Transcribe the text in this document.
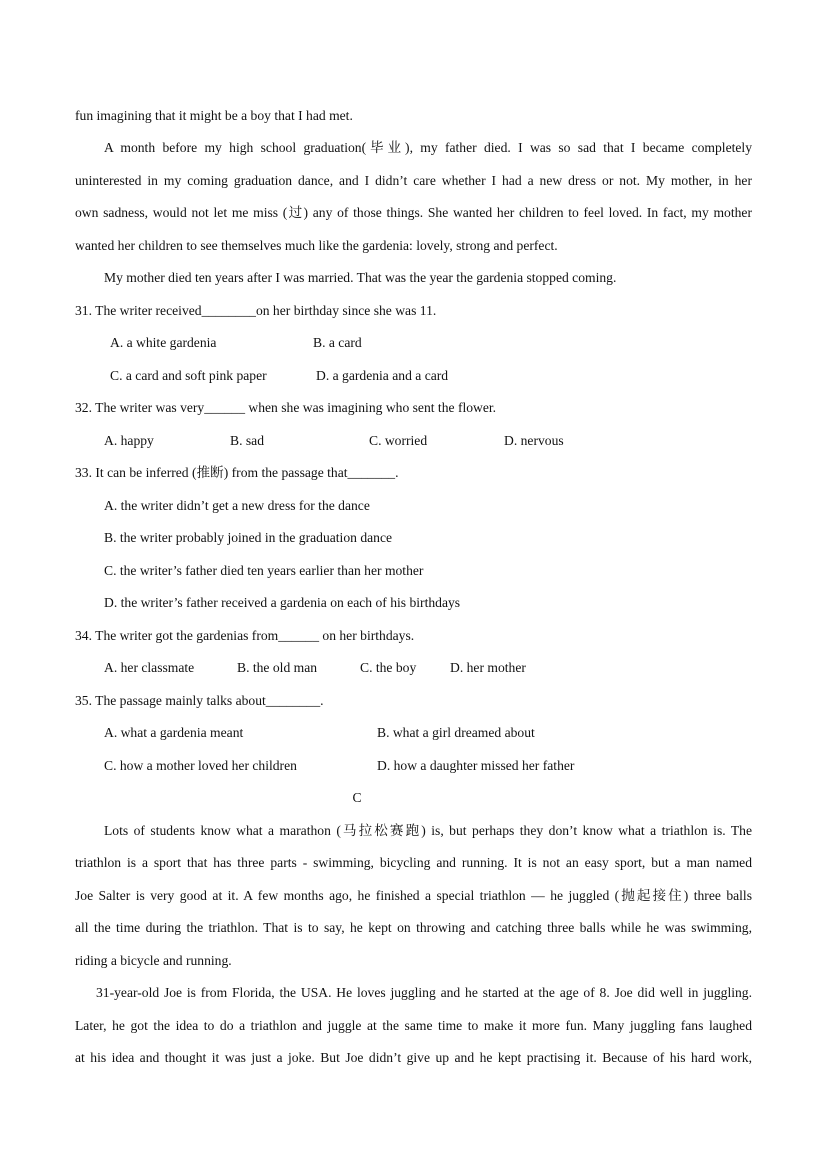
fun imagining that it might be a boy that I had met.
A month before my high school graduation(毕业), my father died. I was so sad that I became completely
uninterested in my coming graduation dance, and I didn’t care whether I had a new dress or not. My mother, in her
own sadness, would not let me miss (过) any of those things. She wanted her children to feel loved. In fact, my mother
wanted her children to see themselves much like the gardenia: lovely, strong and perfect.
My mother died ten years after I was married. That was the year the gardenia stopped coming.
31. The writer received________on her birthday since she was 11.
A. a white gardenia	B. a card
C. a card and soft pink paper	D. a gardenia and a card
32. The writer was very______ when she was imagining who sent the flower.
A. happy	B. sad	C. worried	D. nervous
33. It can be inferred (推断) from the passage that_______.
A. the writer didn’t get a new dress for the dance
B. the writer probably joined in the graduation dance
C. the writer’s father died ten years earlier than her mother
D. the writer’s father received a gardenia on each of his birthdays
34. The writer got the gardenias from______ on her birthdays.
A. her classmate	B. the old man	C. the boy D. her mother
35. The passage mainly talks about________.
A. what a gardenia meant	B. what a girl dreamed about
C. how a mother loved her children	D. how a daughter missed her father
C
Lots of students know what a marathon (马拉松赛跑) is, but perhaps they don’t know what a triathlon is. The
triathlon is a sport that has three parts - swimming, bicycling and running. It is not an easy sport, but a man named
Joe Salter is very good at it. A few months ago, he finished a special triathlon — he juggled (抛起接住) three balls
all the time during the triathlon. That is to say, he kept on throwing and catching three balls while he was swimming,
riding a bicycle and running.
31-year-old Joe is from Florida, the USA. He loves juggling and he started at the age of 8. Joe did well in juggling.
Later, he got the idea to do a triathlon and juggle at the same time to make it more fun. Many juggling fans laughed
at his idea and thought it was just a joke. But Joe didn’t give up and he kept practising it. Because of his hard work,
